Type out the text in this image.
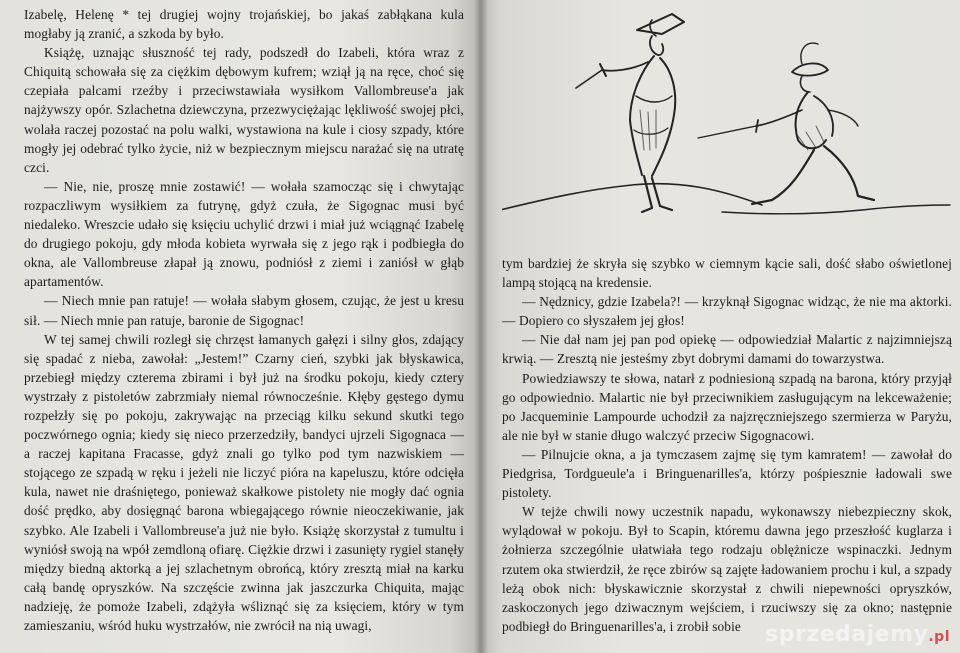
Izabelę, Helenę * tej drugiej wojny trojańskiej, bo jakaś zabłąkana kula mogłaby ją zranić, a szkoda by było.

Książę, uznając słuszność tej rady, podszedł do Izabeli, która wraz z Chiquitą schowała się za ciężkim dębowym kufrem; wziął ją na ręce, choć się czepiała palcami rzeźby i przeciwstawiała wysiłkom Vallombreuse'a jak najżywszy opór. Szlachetna dziewczyna, przezwyciężając lękliwość swojej płci, wolała raczej pozostać na polu walki, wystawiona na kule i ciosy szpady, które mogły jej odebrać tylko życie, niż w bezpiecznym miejscu narażać się na utratę czci.

— Nie, nie, proszę mnie zostawić! — wołała szamocząc się i chwytając rozpaczliwym wysiłkiem za futrynę, gdyż czuła, że Sigognac musi być niedaleko. Wreszcie udało się księciu uchylić drzwi i miał już wciągnąć Izabelę do drugiego pokoju, gdy młoda kobieta wyrwała się z jego rąk i podbiegła do okna, ale Vallombreuse złapał ją znowu, podniósł z ziemi i zaniósł w głąb apartamentów.

— Niech mnie pan ratuje! — wołała słabym głosem, czując, że jest u kresu sił. — Niech mnie pan ratuje, baronie de Sigognac!

W tej samej chwili rozległ się chrzęst łamanych gałęzi i silny głos, zdający się spadać z nieba, zawołał: „Jestem!” Czarny cień, szybki jak błyskawica, przebiegł między czterema zbirami i był już na środku pokoju, kiedy cztery wystrzały z pistoletów zabrzmiały niemal równocześnie. Kłęby gęstego dymu rozpełzły się po pokoju, zakrywając na przeciąg kilku sekund skutki tego poczwórnego ognia; kiedy się nieco przerzedziły, bandyci ujrzeli Sigognaca — a raczej kapitana Fracasse, gdyż znali go tylko pod tym nazwiskiem — stojącego ze szpadą w ręku i jeżeli nie liczyć pióra na kapeluszu, które odcięła kula, nawet nie draśniętego, ponieważ skałkowe pistolety nie mogły dać ognia dość prędko, aby dosięgnąć barona wbiegającego równie nieoczekiwanie, jak szybko. Ale Izabeli i Vallombreuse'a już nie było. Książę skorzystał z tumultu i wyniósł swoją na wpół zemdloną ofiarę. Ciężkie drzwi i zasunięty rygiel stanęły między biedną aktorką a jej szlachetnym obrońcą, który zresztą miał na karku całą bandę opryszków. Na szczęście zwinna jak jaszczurka Chiquita, mając nadzieję, że pomoże Izabeli, zdążyła wśliznąć się za księciem, który w tym zamieszaniu, wśród huku wystrzałów, nie zwrócił na nią uwagi,

tym bardziej że skryła się szybko w ciemnym kącie sali, dość słabo oświetlonej lampą stojącą na kredensie.

— Nędznicy, gdzie Izabela?! — krzyknął Sigognac widząc, że nie ma aktorki. — Dopiero co słyszałem jej głos!

— Nie dał nam jej pan pod opiekę — odpowiedział Malartic z najzimniejszą krwią. — Zresztą nie jesteśmy zbyt dobrymi damami do towarzystwa.

Powiedziawszy te słowa, natarł z podniesioną szpadą na barona, który przyjął go odpowiednio. Malartic nie był przeciwnikiem zasługującym na lekceważenie; po Jacqueminie Lampourde uchodził za najzręczniejszego szermierza w Paryżu, ale nie był w stanie długo walczyć przeciw Sigognacowi.

— Pilnujcie okna, a ja tymczasem zajmę się tym kamratem! — zawołał do Piedgrisa, Tordgueule'a i Bringuenarilles'a, którzy pośpiesznie ładowali swe pistolety.

W tejże chwili nowy uczestnik napadu, wykonawszy niebezpieczny skok, wylądował w pokoju. Był to Scapin, któremu dawna jego przeszłość kuglarza i żołnierza szczególnie ułatwiała tego rodzaju oblężnicze wspinaczki. Jednym rzutem oka stwierdził, że ręce zbirów są zajęte ładowaniem prochu i kul, a szpady leżą obok nich: błyskawicznie skorzystał z chwili niepewności opryszków, zaskoczonych jego dziwacznym wejściem, i rzuciwszy się za okno; następnie podbiegł do Bringuenarilles'a, i zrobił sobie	sprzedajemy.pl
